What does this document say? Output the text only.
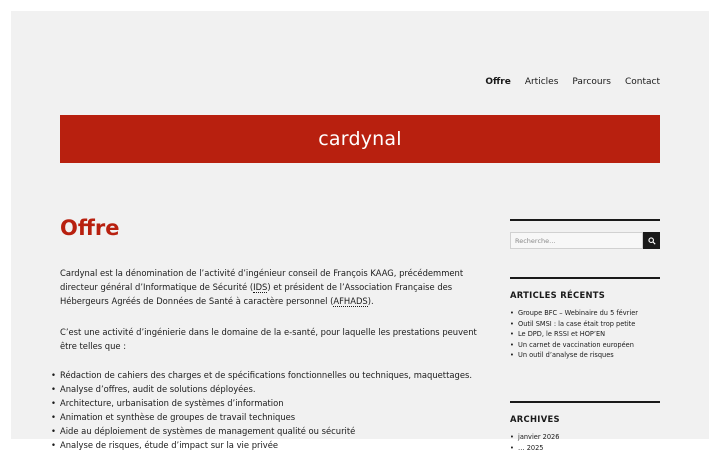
Offre Articles Parcours Contact
cardynal
Offre

Cardynal est la dénomination de l’activité d’ingénieur conseil de François KAAG, précédemment directeur général d’Informatique de Sécurité (IDS) et président de l’Association Française des Hébergeurs Agréés de Données de Santé à caractère personnel (AFHADS).

C’est une activité d’ingénierie dans le domaine de la e-santé, pour laquelle les prestations peuvent être telles que :

• Rédaction de cahiers des charges et de spécifications fonctionnelles ou techniques, maquettages.
• Analyse d’offres, audit de solutions déployées.
• Architecture, urbanisation de systèmes d’information
• Animation et synthèse de groupes de travail techniques
• Aide au déploiement de systèmes de management qualité ou sécurité
• Analyse de risques, étude d’impact sur la vie privée
Recherche…
ARTICLES RÉCENTS
• Groupe BFC – Webinaire du 5 février
• Outil SMSI : la case était trop petite
• Le DPD, le RSSI et HOP’EN
• Un carnet de vaccination européen
• Un outil d’analyse de risques
ARCHIVES
• janvier 2026
• … 2025
